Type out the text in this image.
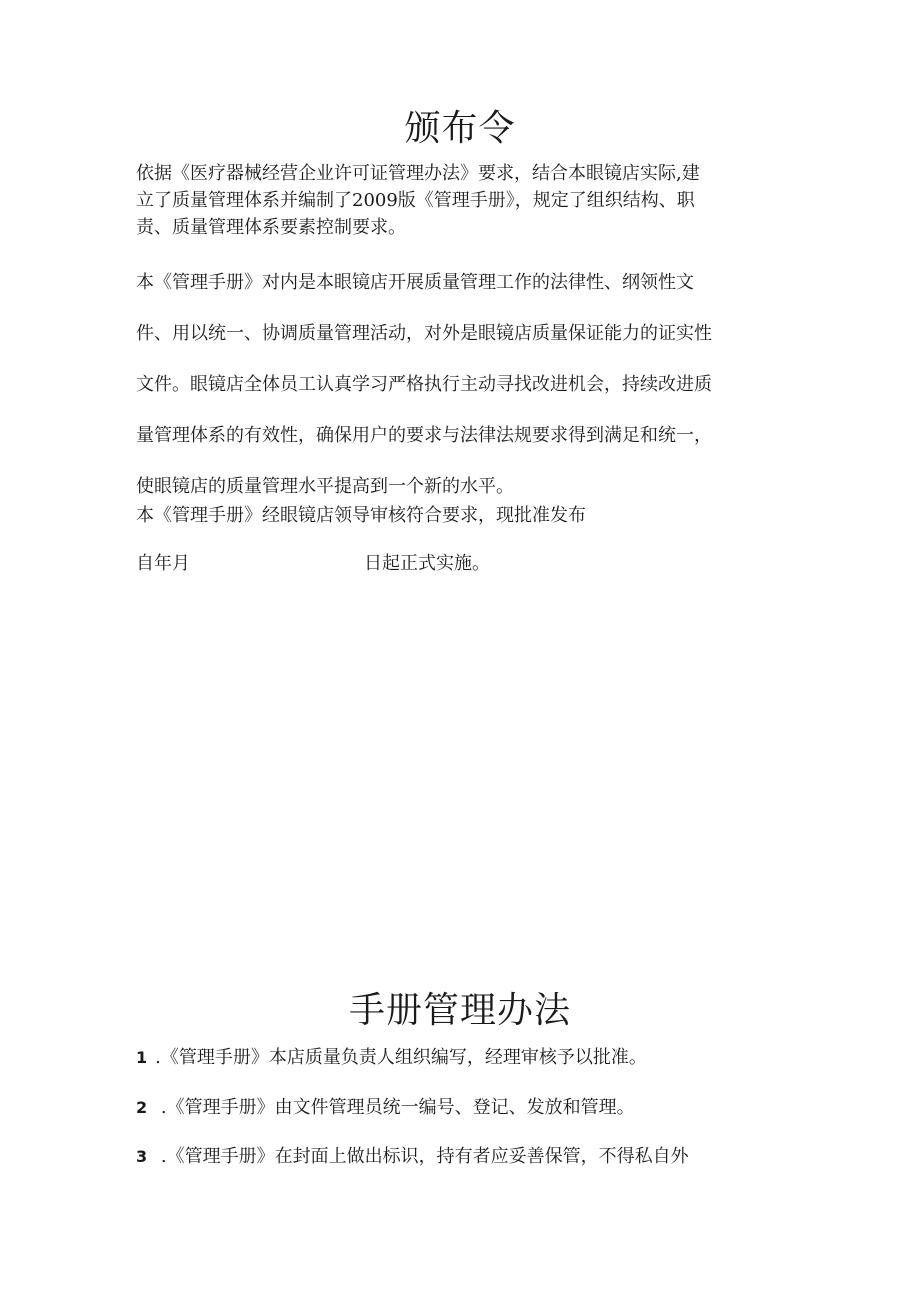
颁布令

依据《医疗器械经营企业许可证管理办法》要求，结合本眼镜店实际,建
立了质量管理体系并编制了2009版《管理手册》，规定了组织结构、职
责、质量管理体系要素控制要求。

本《管理手册》对内是本眼镜店开展质量管理工作的法律性、纲领性文
件、用以统一、协调质量管理活动，对外是眼镜店质量保证能力的证实性
文件。眼镜店全体员工认真学习严格执行主动寻找改进机会，持续改进质
量管理体系的有效性，确保用户的要求与法律法规要求得到满足和统一，
使眼镜店的质量管理水平提高到一个新的水平。

本《管理手册》经眼镜店领导审核符合要求，现批准发布

自年月	日起正式实施。

手册管理办法

1 .《管理手册》本店质量负责人组织编写，经理审核予以批准。

2 .《管理手册》由文件管理员统一编号、登记、发放和管理。

3 .《管理手册》在封面上做出标识，持有者应妥善保管，不得私自外
